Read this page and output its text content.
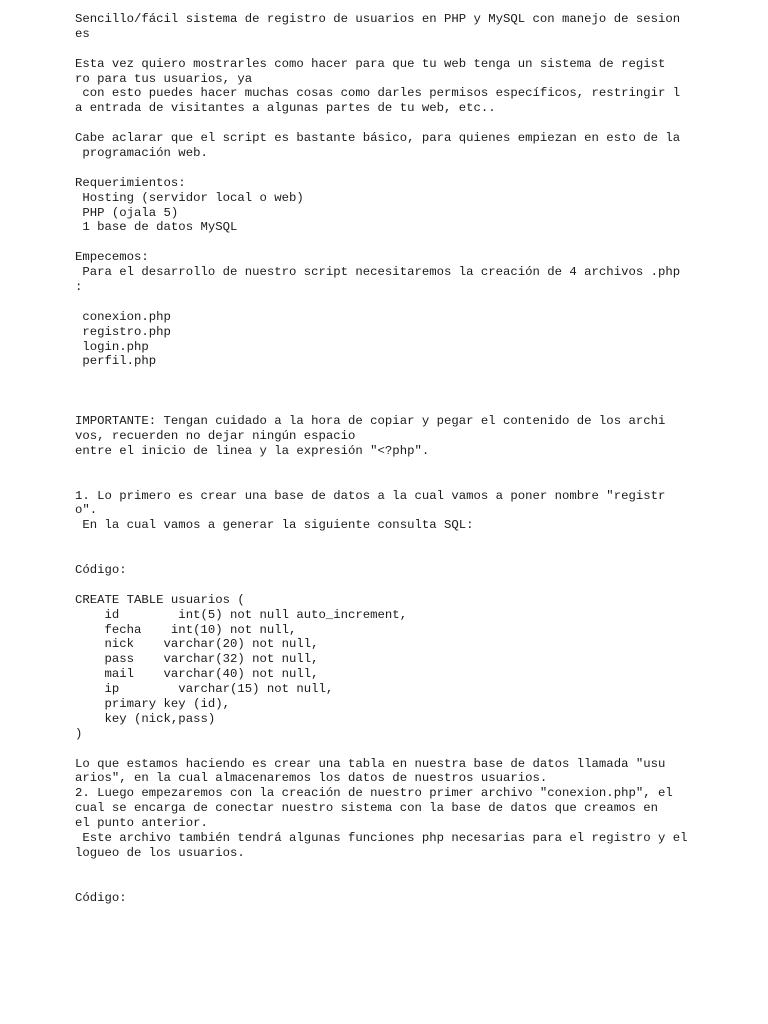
Sencillo/fácil sistema de registro de usuarios en PHP y MySQL con manejo de sesion
es
Esta vez quiero mostrarles como hacer para que tu web tenga un sistema de regist
ro para tus usuarios, ya
con esto puedes hacer muchas cosas como darles permisos específicos, restringir l
a entrada de visitantes a algunas partes de tu web, etc..
Cabe aclarar que el script es bastante básico, para quienes empiezan en esto de la
programación web.
Requerimientos:
Hosting (servidor local o web)
PHP (ojala 5)
1 base de datos MySQL
Empecemos:
Para el desarrollo de nuestro script necesitaremos la creación de 4 archivos .php
:
conexion.php
registro.php
login.php
perfil.php
IMPORTANTE: Tengan cuidado a la hora de copiar y pegar el contenido de los archi
vos, recuerden no dejar ningún espacio
entre el inicio de linea y la expresión "<?php".
1. Lo primero es crear una base de datos a la cual vamos a poner nombre "registr
o".
En la cual vamos a generar la siguiente consulta SQL:
Código:
CREATE TABLE usuarios (
id        int(5) not null auto_increment,
fecha    int(10) not null,
nick    varchar(20) not null,
pass    varchar(32) not null,
mail    varchar(40) not null,
ip        varchar(15) not null,
primary key (id),
key (nick,pass)
)
Lo que estamos haciendo es crear una tabla en nuestra base de datos llamada "usu
arios", en la cual almacenaremos los datos de nuestros usuarios.
2. Luego empezaremos con la creación de nuestro primer archivo "conexion.php", el
cual se encarga de conectar nuestro sistema con la base de datos que creamos en
el punto anterior.
Este archivo también tendrá algunas funciones php necesarias para el registro y el
logueo de los usuarios.
Código:
